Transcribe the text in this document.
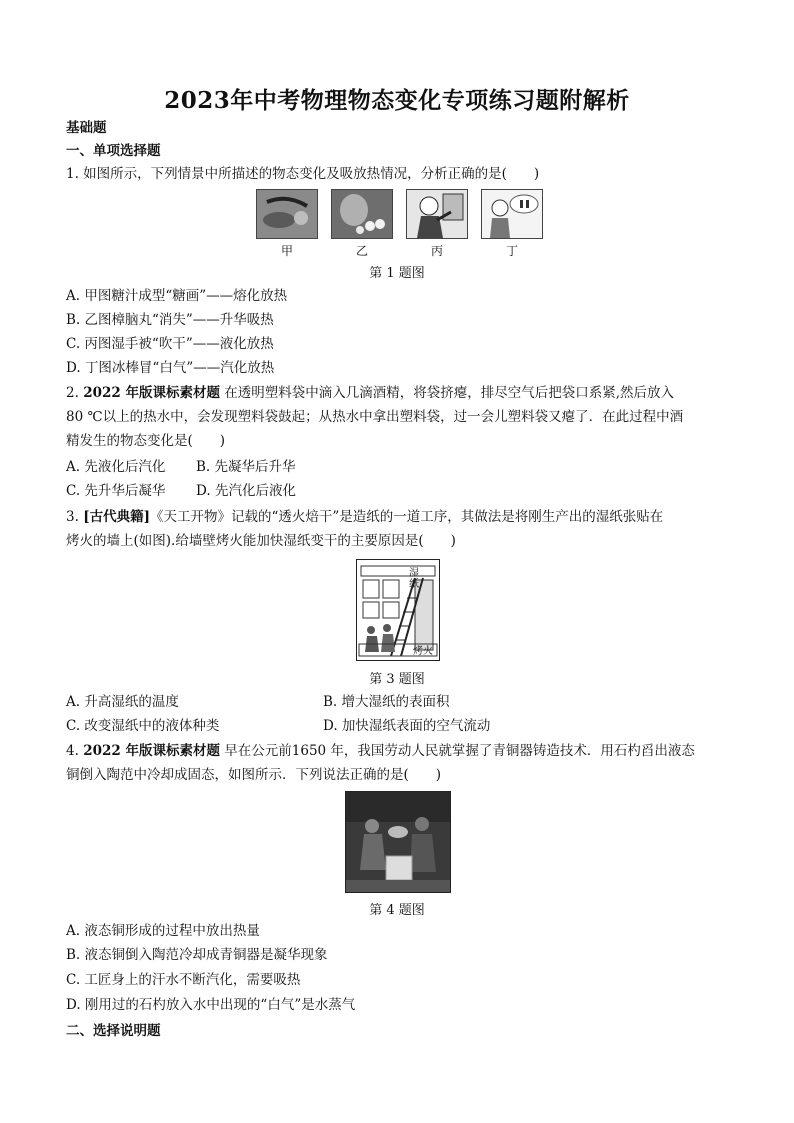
2023年中考物理物态变化专项练习题附解析
基础题
一、单项选择题
1. 如图所示，下列情景中所描述的物态变化及吸放热情况，分析正确的是(　　)
甲	乙	丙	丁
第 1 题图
A. 甲图糖汁成型“糖画”——熔化放热
B. 乙图樟脑丸“消失”——升华吸热
C. 丙图湿手被“吹干”——液化放热
D. 丁图冰棒冒“白气”——汽化放热
2. 2022 年版课标素材题 在透明塑料袋中滴入几滴酒精，将袋挤瘪，排尽空气后把袋口系紧,然后放入
80 ℃以上的热水中，会发现塑料袋鼓起；从热水中拿出塑料袋，过一会儿塑料袋又瘪了．在此过程中酒
精发生的物态变化是(　　)
A. 先液化后汽化 B. 先凝华后升华
C. 先升华后凝华 D. 先汽化后液化
3. [古代典籍]《天工开物》记载的“透火焙干”是造纸的一道工序，其做法是将刚生产出的湿纸张贴在
烤火的墙上(如图).给墙壁烤火能加快湿纸变干的主要原因是(　　)
湿纸
烤火
第 3 题图
A. 升高湿纸的温度	B. 增大湿纸的表面积
C. 改变湿纸中的液体种类	D. 加快湿纸表面的空气流动
4. 2022 年版课标素材题 早在公元前1650 年，我国劳动人民就掌握了青铜器铸造技术．用石杓舀出液态
铜倒入陶范中冷却成固态，如图所示．下列说法正确的是(　　)
第 4 题图
A. 液态铜形成的过程中放出热量
B. 液态铜倒入陶范冷却成青铜器是凝华现象
C. 工匠身上的汗水不断汽化，需要吸热
D. 刚用过的石杓放入水中出现的“白气”是水蒸气
二、选择说明题
